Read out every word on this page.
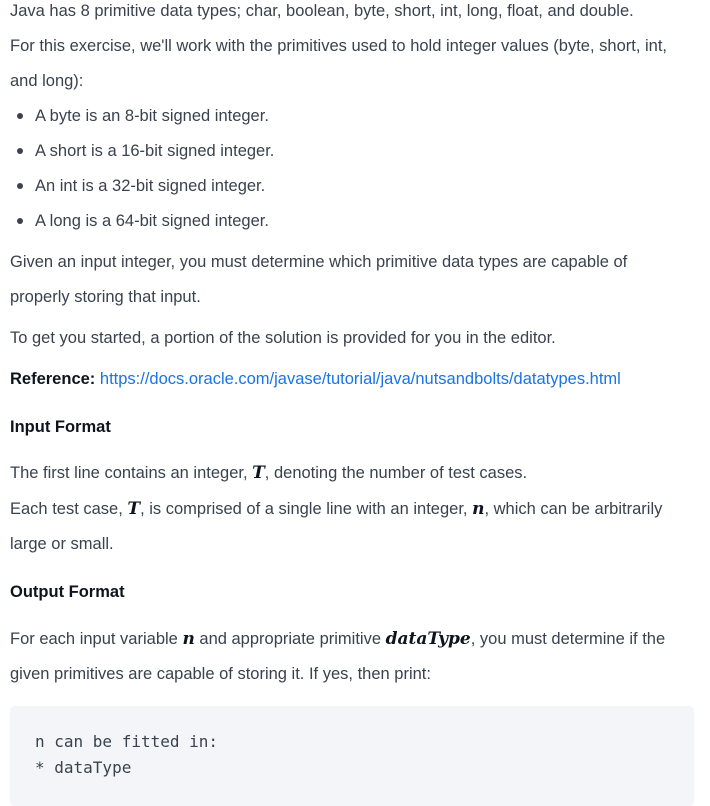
Java has 8 primitive data types; char, boolean, byte, short, int, long, float, and double.
For this exercise, we'll work with the primitives used to hold integer values (byte, short, int,
and long):
A byte is an 8-bit signed integer.
A short is a 16-bit signed integer.
An int is a 32-bit signed integer.
A long is a 64-bit signed integer.
Given an input integer, you must determine which primitive data types are capable of
properly storing that input.
To get you started, a portion of the solution is provided for you in the editor.
Reference: https://docs.oracle.com/javase/tutorial/java/nutsandbolts/datatypes.html
Input Format
The first line contains an integer, T, denoting the number of test cases.
Each test case, T, is comprised of a single line with an integer, n, which can be arbitrarily
large or small.
Output Format
For each input variable n and appropriate primitive dataType, you must determine if the
given primitives are capable of storing it. If yes, then print:
n can be fitted in:
* dataType
